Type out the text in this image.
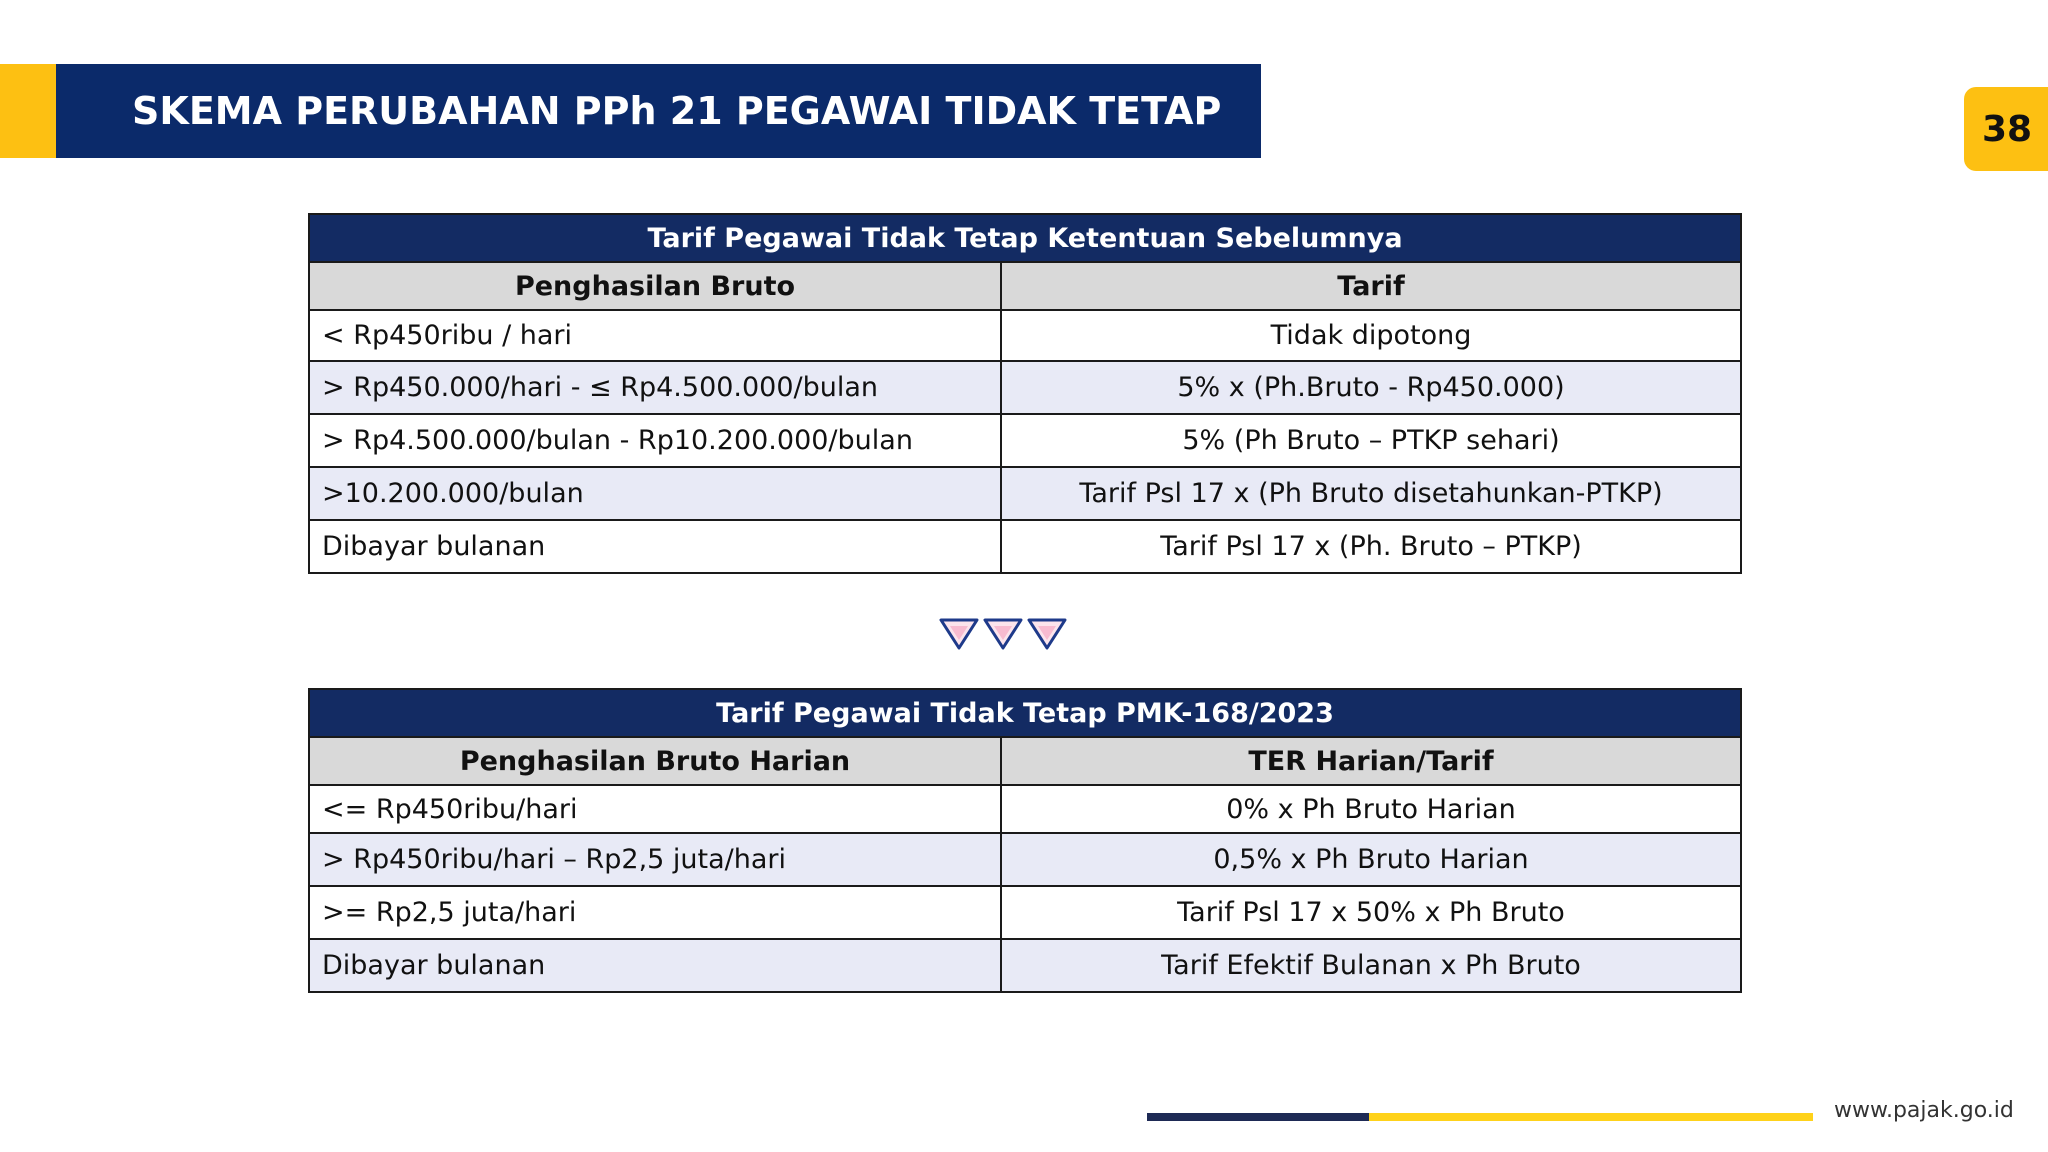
SKEMA PERUBAHAN PPh 21 PEGAWAI TIDAK TETAP	38
Tarif Pegawai Tidak Tetap Ketentuan Sebelumnya	
Penghasilan Bruto	Tarif
< Rp450ribu / hari	Tidak dipotong
> Rp450.000/hari - ≤ Rp4.500.000/bulan	5% x (Ph.Bruto - Rp450.000)
> Rp4.500.000/bulan - Rp10.200.000/bulan	5% (Ph Bruto – PTKP sehari)
>10.200.000/bulan	Tarif Psl 17 x (Ph Bruto disetahunkan-PTKP)
Dibayar bulanan	Tarif Psl 17 x (Ph. Bruto – PTKP)
Tarif Pegawai Tidak Tetap PMK-168/2023	
Penghasilan Bruto Harian	TER Harian/Tarif
<= Rp450ribu/hari	0% x Ph Bruto Harian
> Rp450ribu/hari – Rp2,5 juta/hari	0,5% x Ph Bruto Harian
>= Rp2,5 juta/hari	Tarif Psl 17 x 50% x Ph Bruto
Dibayar bulanan	Tarif Efektif Bulanan x Ph Bruto
www.pajak.go.id
